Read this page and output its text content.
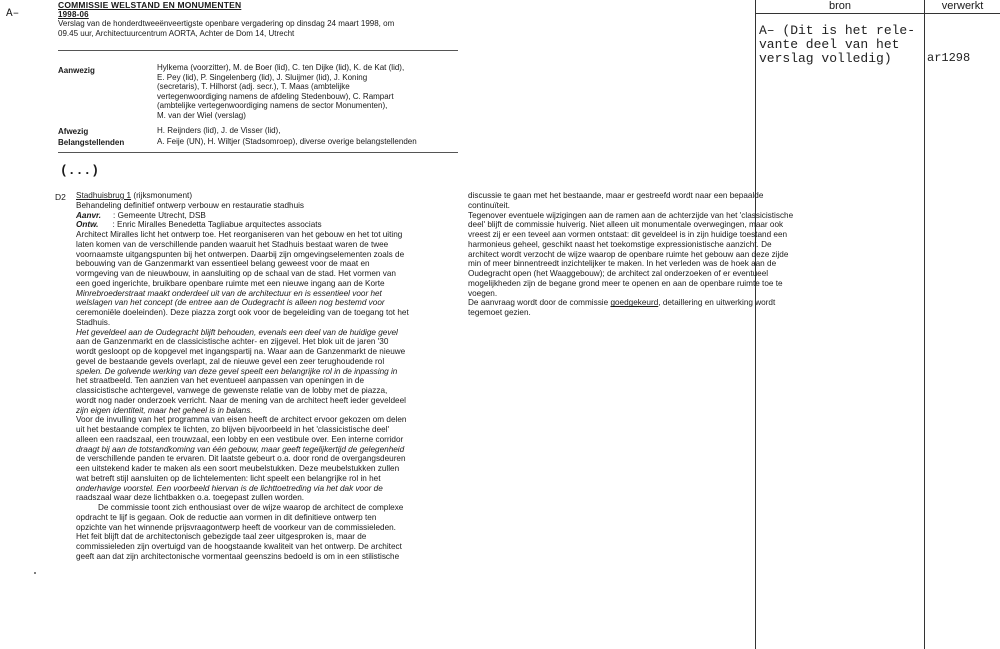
bron	verwerkt
A– (Dit is het rele-
vante deel van het
verslag volledig)	ar1298
A–
COMMISSIE WELSTAND EN MONUMENTEN
1998-06
Verslag van de honderdtweeënveertigste openbare vergadering op dinsdag 24 maart 1998, om
09.45 uur, Architectuurcentrum AORTA, Achter de Dom 14, Utrecht
Aanwezig	Hylkema (voorzitter), M. de Boer (lid), C. ten Dijke (lid), K. de Kat (lid),
E. Pey (lid), P. Singelenberg (lid), J. Sluijmer (lid), J. Koning
(secretaris), T. Hilhorst (adj. secr.), T. Maas (ambtelijke
vertegenwoordiging namens de afdeling Stedenbouw), C. Rampart
(ambtelijke vertegenwoordiging namens de sector Monumenten),
M. van der Wiel (verslag)
Afwezig	H. Reijnders (lid), J. de Visser (lid),
Belangstellenden	A. Feije (UN), H. Wiltjer (Stadsomroep), diverse overige belangstellenden
(...)
D2 Stadhuisbrug 1 (rijksmonument)
Behandeling definitief ontwerp verbouw en restauratie stadhuis
Aanvr. : Gemeente Utrecht, DSB
Ontw. : Enric Miralles Benedetta Tagliabue arquitectes associats
Architect Miralles licht het ontwerp toe. Het reorganiseren van het gebouw en het tot uiting
laten komen van de verschillende panden waaruit het Stadhuis bestaat waren de twee
voornaamste uitgangspunten bij het ontwerpen. Daarbij zijn omgevingselementen zoals de
bebouwing van de Ganzenmarkt van essentieel belang geweest voor de maat en
vormgeving van de nieuwbouw, in aansluiting op de schaal van de stad. Het vormen van
een goed ingerichte, bruikbare openbare ruimte met een nieuwe ingang aan de Korte
Minrebroederstraat maakt onderdeel uit van de architectuur en is essentieel voor het
welslagen van het concept (de entree aan de Oudegracht is alleen nog bestemd voor
ceremoniële doeleinden). Deze piazza zorgt ook voor de begeleiding van de toegang tot het
Stadhuis.
Het geveldeel aan de Oudegracht blijft behouden, evenals een deel van de huidige gevel
aan de Ganzenmarkt en de classicistische achter- en zijgevel. Het blok uit de jaren '30
wordt gesloopt op de kopgevel met ingangspartij na. Waar aan de Ganzenmarkt de nieuwe
gevel de bestaande gevels overlapt, zal de nieuwe gevel een zeer terughoudende rol
spelen. De golvende werking van deze gevel speelt een belangrijke rol in de inpassing in
het straatbeeld. Ten aanzien van het eventueel aanpassen van openingen in de
classicistische achtergevel, vanwege de gewenste relatie van de lobby met de piazza,
wordt nog nader onderzoek verricht. Naar de mening van de architect heeft ieder geveldeel
zijn eigen identiteit, maar het geheel is in balans.
Voor de invulling van het programma van eisen heeft de architect ervoor gekozen om delen
uit het bestaande complex te lichten, zo blijven bijvoorbeeld in het 'classicistische deel'
alleen een raadszaal, een trouwzaal, een lobby en een vestibule over. Een interne corridor
draagt bij aan de totstandkoming van één gebouw, maar geeft tegelijkertijd de gelegenheid
de verschillende panden te ervaren. Dit laatste gebeurt o.a. door rond de overgangsdeuren
een uitstekend kader te maken als een soort meubelstukken. Deze meubelstukken zullen
wat betreft stijl aansluiten op de lichtelementen: licht speelt een belangrijke rol in het
onderhavige voorstel. Een voorbeeld hiervan is de lichttoetreding via het dak voor de
raadszaal waar deze lichtbakken o.a. toegepast zullen worden.
De commissie toont zich enthousiast over de wijze waarop de architect de complexe
opdracht te lijf is gegaan. Ook de reductie aan vormen in dit definitieve ontwerp ten
opzichte van het winnende prijsvraagontwerp heeft de voorkeur van de commissieleden.
Het feit blijft dat de architectonisch gebezigde taal zeer uitgesproken is, maar de
commissieleden zijn overtuigd van de hoogstaande kwaliteit van het ontwerp. De architect
geeft aan dat zijn architectonische vormentaal geenszins bedoeld is om in een stilistische
discussie te gaan met het bestaande, maar er gestreefd wordt naar een bepaalde
continuïteit.
Tegenover eventuele wijzigingen aan de ramen aan de achterzijde van het 'classicistische
deel' blijft de commissie huiverig. Niet alleen uit monumentale overwegingen, maar ook
vreest zij er een teveel aan vormen ontstaat: dit geveldeel is in zijn huidige toestand een
harmonieus geheel, geschikt naast het toekomstige expressionistische aanzicht. De
architect wordt verzocht de wijze waarop de openbare ruimte het gebouw aan deze zijde
min of meer binnentreedt inzichtelijker te maken. In het verleden was de hoek aan de
Oudegracht open (het Waaggebouw); de architect zal onderzoeken of er eventueel
mogelijkheden zijn de begane grond meer te openen en aan de openbare ruimte toe te
voegen.
De aanvraag wordt door de commissie goedgekeurd, detaillering en uitwerking wordt
tegemoet gezien.
